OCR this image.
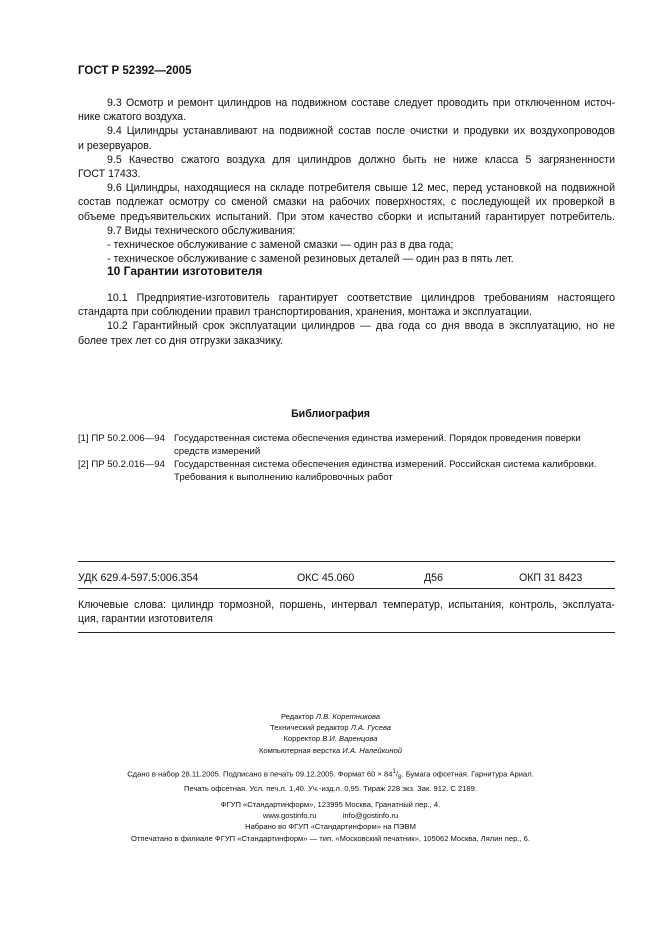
ГОСТ Р 52392—2005

9.3 Осмотр и ремонт цилиндров на подвижном составе следует проводить при отключенном источ-

нике сжатого воздуха.

9.4 Цилиндры устанавливают на подвижной состав после очистки и продувки их воздухопроводов

и резервуаров.

9.5 Качество сжатого воздуха для цилиндров должно быть не ниже класса 5 загрязненности

ГОСТ 17433.

9.6 Цилиндры, находящиеся на складе потребителя свыше 12 мес, перед установкой на подвижной

состав подлежат осмотру со сменой смазки на рабочих поверхностях, с последующей их проверкой в

объеме предъявительских испытаний. При этом качество сборки и испытаний гарантирует потребитель.

9.7 Виды технического обслуживания:

- техническое обслуживание с заменой смазки — один раз в два года;

- техническое обслуживание с заменой резиновых деталей — один раз в пять лет.

10 Гарантии изготовителя

10.1 Предприятие-изготовитель гарантирует соответствие цилиндров требованиям настоящего

стандарта при соблюдении правил транспортирования, хранения, монтажа и эксплуатации.

10.2 Гарантийный срок эксплуатации цилиндров — два года со дня ввода в эксплуатацию, но не

более трех лет со дня отгрузки заказчику.

Библиография
[1] ПР 50.2.006—94 Государственная система обеспечения единства измерений. Порядок проведения поверки
средств измерений
[2] ПР 50.2.016—94 Государственная система обеспечения единства измерений. Российская система калибровки.
Требования к выполнению калибровочных работ
УДК 629.4-597.5:006.354	ОКС 45.060	Д56	ОКП 31 8423
Ключевые слова: цилиндр тормозной, поршень, интервал температур, испытания, контроль, эксплуата-
ция, гарантии изготовителя
Редактор Л.В. Коретникова
Технический редактор Л.А. Гусева
Корректор В.И. Варенцова
Компьютерная верстка И.А. Налейкиной
Сдано в набор 28.11.2005. Подписано в печать 09.12.2005. Формат $60 \times 84^1/_8$. Бумага офсетная. Гарнитура Ариал.
Печать офсетная. Усл. печ.л. 1,40. Уч.-изд.л. 0,95. Тираж 228 экз. Зак. 912. С 2189.
ФГУП «Стандартинформ», 123995 Москва, Гранатный пер., 4.
www.gostinfo.ru	info@gostinfo.ru
Набрано во ФГУП «Стандартинформ» на ПЭВМ
Отпечатано в филиале ФГУП «Стандартинформ» — тип. «Московский печатник», 105062 Москва, Лялин пер., 6.
